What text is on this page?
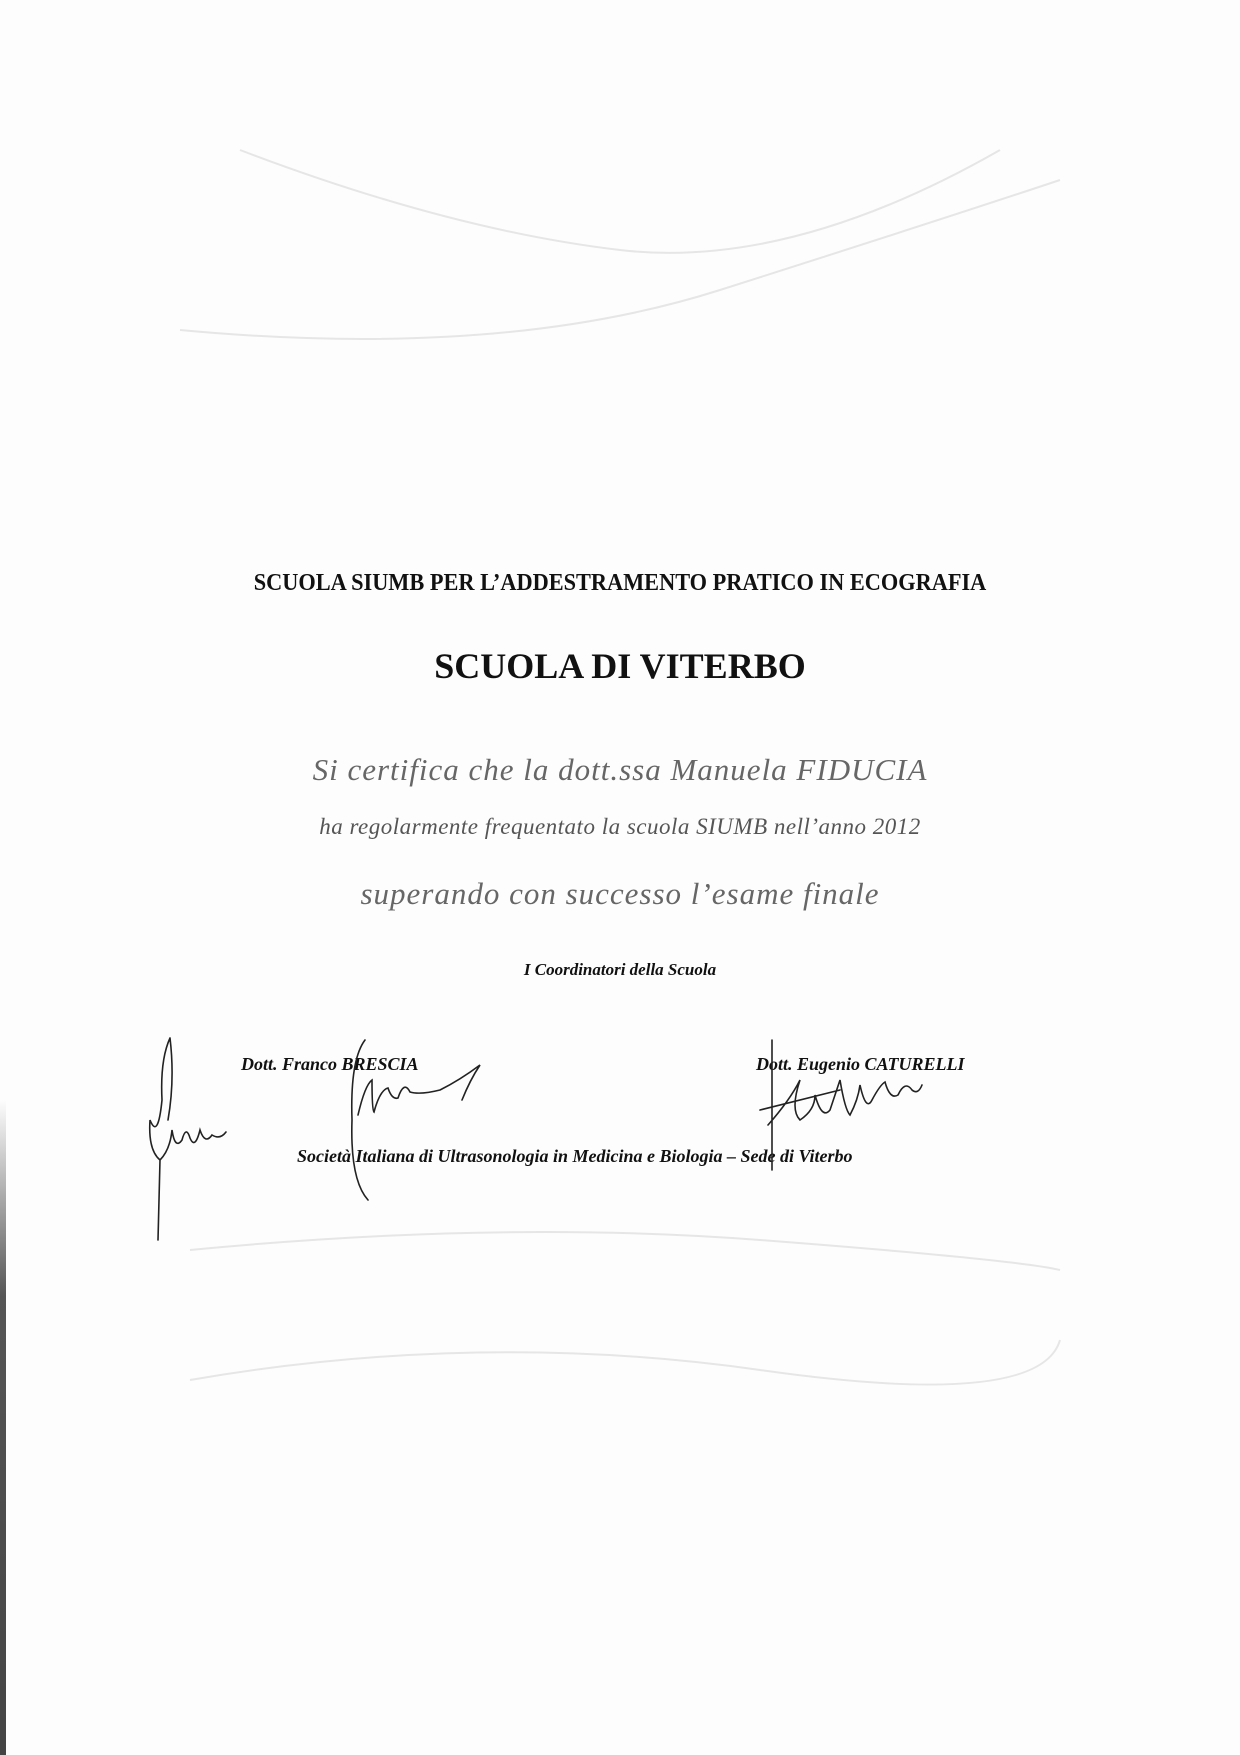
SCUOLA SIUMB PER L’ADDESTRAMENTO PRATICO IN ECOGRAFIA
SCUOLA DI VITERBO
Si certifica che la dott.ssa Manuela FIDUCIA
ha regolarmente frequentato la scuola SIUMB nell’anno 2012
superando con successo l’esame finale
I Coordinatori della Scuola
Dott. Franco BRESCIA	Dott. Eugenio CATURELLI
Società Italiana di Ultrasonologia in Medicina e Biologia – Sede di Viterbo
